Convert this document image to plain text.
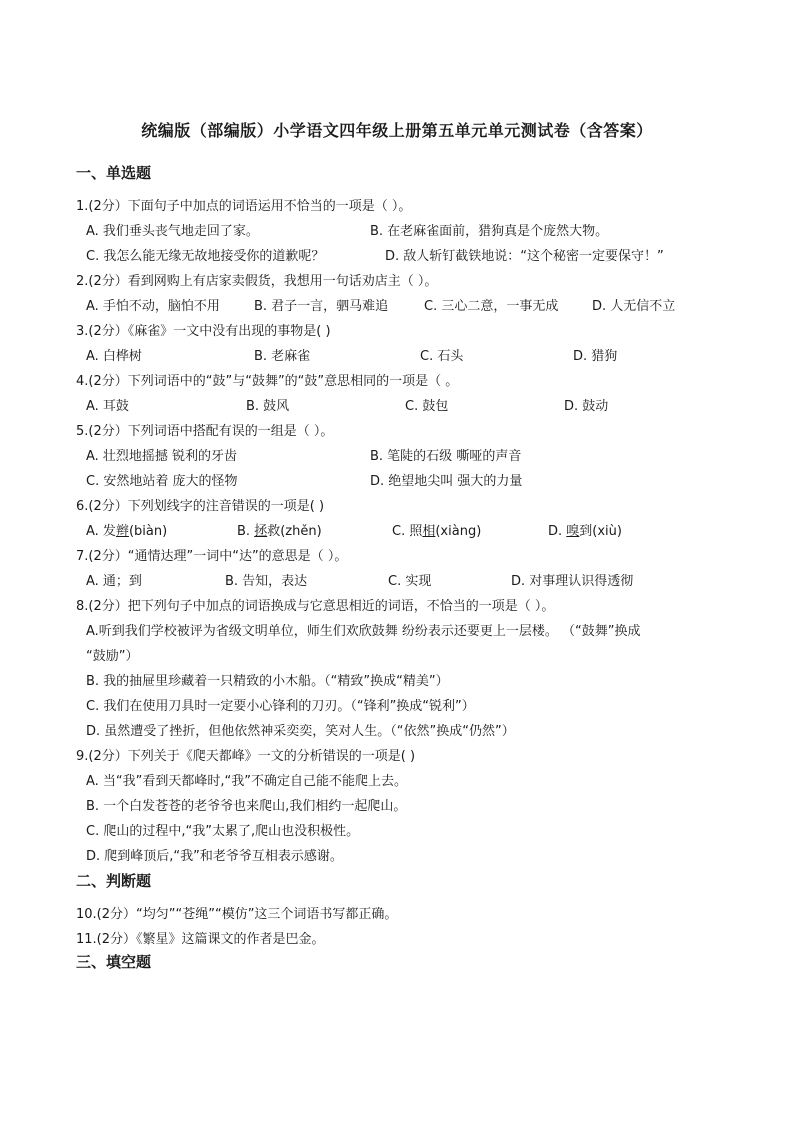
统编版（部编版）小学语文四年级上册第五单元单元测试卷（含答案）
一、单选题
1.(2分）下面句子中加点的词语运用不恰当的一项是（ ）。
A. 我们垂头丧气地走回了家。	B. 在老麻雀面前，猎狗真是个庞然大物。
C. 我怎么能无缘无故地接受你的道歉呢？	D. 敌人斩钉截铁地说：“这个秘密一定要保守！”
2.(2分）看到网购上有店家卖假货，我想用一句话劝店主（ ）。
A. 手怕不动，脑怕不用	B. 君子一言，驷马难追	C. 三心二意，一事无成	D. 人无信不立
3.(2分）《麻雀》一文中没有出现的事物是( )
A. 白桦树	B. 老麻雀	C. 石头	D. 猎狗
4.(2分）下列词语中的“鼓”与“鼓舞”的“鼓”意思相同的一项是（ 。
A. 耳鼓	B. 鼓风	C. 鼓包	D. 鼓动
5.(2分）下列词语中搭配有误的一组是（ ）。
A. 壮烈地摇撼 锐利的牙齿	B. 笔陡的石级 嘶哑的声音
C. 安然地站着 庞大的怪物	D. 绝望地尖叫 强大的力量
6.(2分）下列划线字的注音错误的一项是( )
A. 发辫(biàn)	B. 拯救(zhěn)	C. 照相(xiàng)	D. 嗅到(xiù)
7.(2分）“通情达理”一词中“达”的意思是（ ）。
A. 通；到	B. 告知，表达	C. 实现	D. 对事理认识得透彻
8.(2分）把下列句子中加点的词语换成与它意思相近的词语，不恰当的一项是（ ）。
A.听到我们学校被评为省级文明单位，师生们欢欣鼓舞 纷纷表示还要更上一层楼。 （“鼓舞”换成
“鼓励”）
B. 我的抽屉里珍藏着一只精致的小木船。（“精致”换成“精美”）
C. 我们在使用刀具时一定要小心锋利的刀刃。（“锋利”换成“锐利”）
D. 虽然遭受了挫折，但他依然神采奕奕，笑对人生。（“依然”换成“仍然”）
9.(2分）下列关于《爬天都峰》一文的分析错误的一项是( )
A. 当“我”看到天都峰时,“我”不确定自己能不能爬上去。
B. 一个白发苍苍的老爷爷也来爬山,我们相约一起爬山。
C. 爬山的过程中,“我”太累了,爬山也没积极性。
D. 爬到峰顶后,“我”和老爷爷互相表示感谢。
二、判断题
10.(2分）“均匀”“苍绳”“模仿”这三个词语书写都正确。
11.(2分）《繁星》这篇课文的作者是巴金。
三、填空题
